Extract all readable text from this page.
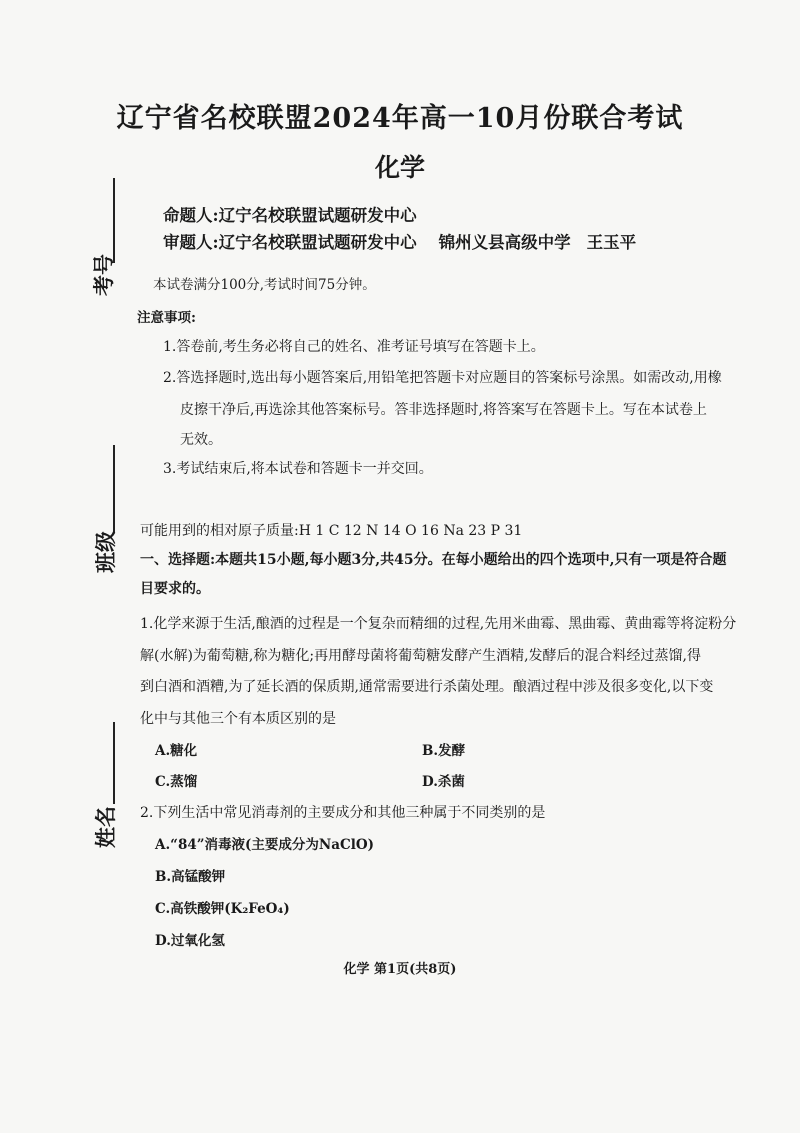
辽宁省名校联盟2024年高一10月份联合考试
化学
命题人:辽宁名校联盟试题研发中心
审题人:辽宁名校联盟试题研发中心 锦州义县高级中学 王玉平
本试卷满分100分,考试时间75分钟。
注意事项:
1.答卷前,考生务必将自己的姓名、准考证号填写在答题卡上。
2.答选择题时,选出每小题答案后,用铅笔把答题卡对应题目的答案标号涂黑。如需改动,用橡
皮擦干净后,再选涂其他答案标号。答非选择题时,将答案写在答题卡上。写在本试卷上
无效。
3.考试结束后,将本试卷和答题卡一并交回。
考号
班级
姓名
可能用到的相对原子质量:H 1 C 12 N 14 O 16 Na 23 P 31
一、选择题:本题共15小题,每小题3分,共45分。在每小题给出的四个选项中,只有一项是符合题
目要求的。
1.化学来源于生活,酿酒的过程是一个复杂而精细的过程,先用米曲霉、黑曲霉、黄曲霉等将淀粉分
解(水解)为葡萄糖,称为糖化;再用酵母菌将葡萄糖发酵产生酒精,发酵后的混合料经过蒸馏,得
到白酒和酒糟,为了延长酒的保质期,通常需要进行杀菌处理。酿酒过程中涉及很多变化,以下变
化中与其他三个有本质区别的是
A.糖化	B.发酵
C.蒸馏	D.杀菌
2.下列生活中常见消毒剂的主要成分和其他三种属于不同类别的是
A.“84”消毒液(主要成分为NaClO)
B.高锰酸钾
C.高铁酸钾(K₂FeO₄)
D.过氧化氢
化学 第1页(共8页)
